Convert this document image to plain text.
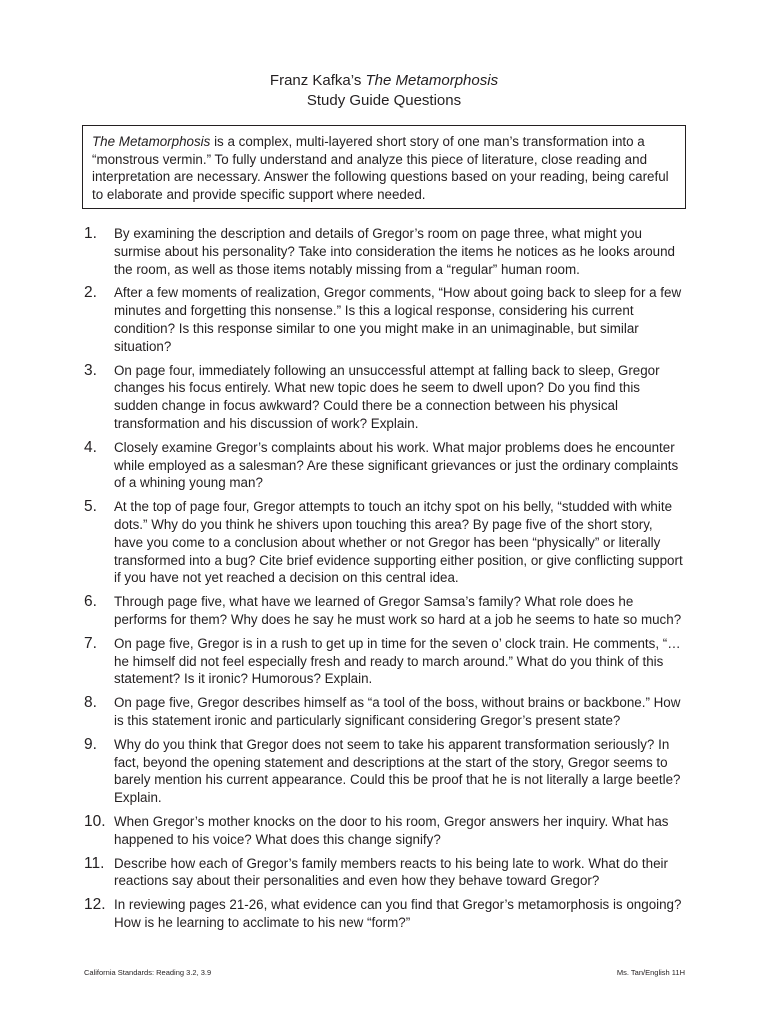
Franz Kafka’s The Metamorphosis
Study Guide Questions
The Metamorphosis is a complex, multi-layered short story of one man’s transformation into a “monstrous vermin.” To fully understand and analyze this piece of literature, close reading and interpretation are necessary. Answer the following questions based on your reading, being careful to elaborate and provide specific support where needed.
1. By examining the description and details of Gregor’s room on page three, what might you surmise about his personality? Take into consideration the items he notices as he looks around the room, as well as those items notably missing from a “regular” human room.
2. After a few moments of realization, Gregor comments, “How about going back to sleep for a few minutes and forgetting this nonsense.” Is this a logical response, considering his current condition? Is this response similar to one you might make in an unimaginable, but similar situation?
3. On page four, immediately following an unsuccessful attempt at falling back to sleep, Gregor changes his focus entirely. What new topic does he seem to dwell upon? Do you find this sudden change in focus awkward? Could there be a connection between his physical transformation and his discussion of work? Explain.
4. Closely examine Gregor’s complaints about his work. What major problems does he encounter while employed as a salesman? Are these significant grievances or just the ordinary complaints of a whining young man?
5. At the top of page four, Gregor attempts to touch an itchy spot on his belly, “studded with white dots.” Why do you think he shivers upon touching this area? By page five of the short story, have you come to a conclusion about whether or not Gregor has been “physically” or literally transformed into a bug? Cite brief evidence supporting either position, or give conflicting support if you have not yet reached a decision on this central idea.
6. Through page five, what have we learned of Gregor Samsa’s family? What role does he performs for them? Why does he say he must work so hard at a job he seems to hate so much?
7. On page five, Gregor is in a rush to get up in time for the seven o’ clock train. He comments, “…he himself did not feel especially fresh and ready to march around.” What do you think of this statement? Is it ironic? Humorous? Explain.
8. On page five, Gregor describes himself as “a tool of the boss, without brains or backbone.” How is this statement ironic and particularly significant considering Gregor’s present state?
9. Why do you think that Gregor does not seem to take his apparent transformation seriously? In fact, beyond the opening statement and descriptions at the start of the story, Gregor seems to barely mention his current appearance. Could this be proof that he is not literally a large beetle? Explain.
10. When Gregor’s mother knocks on the door to his room, Gregor answers her inquiry. What has happened to his voice? What does this change signify?
11. Describe how each of Gregor’s family members reacts to his being late to work. What do their reactions say about their personalities and even how they behave toward Gregor?
12. In reviewing pages 21-26, what evidence can you find that Gregor’s metamorphosis is ongoing? How is he learning to acclimate to his new “form?”
California Standards: Reading 3.2, 3.9	Ms. Tan/English 11H
